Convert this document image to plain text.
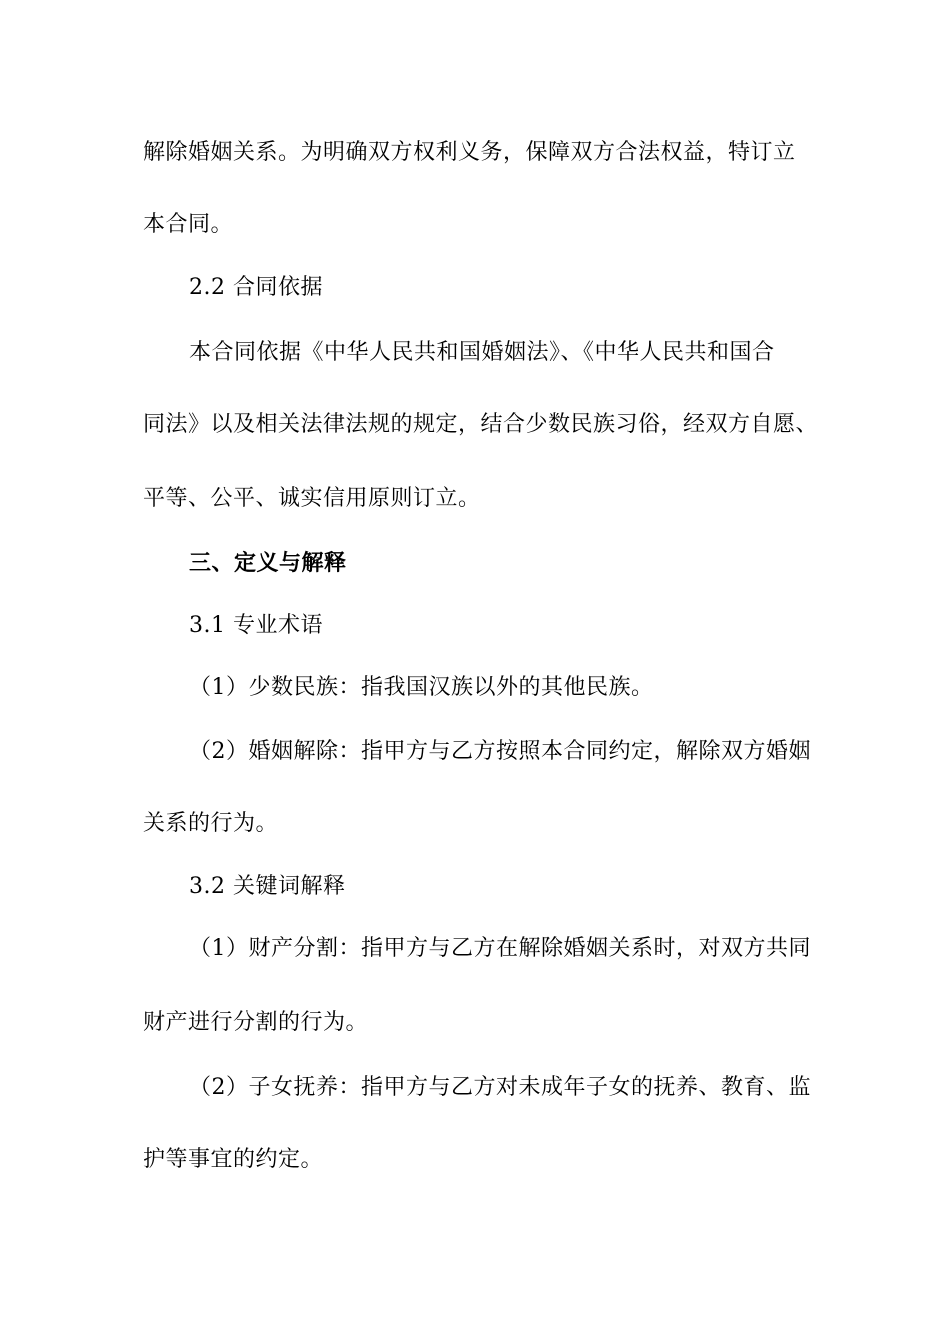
解除婚姻关系。为明确双方权利义务，保障双方合法权益，特订立
本合同。
2.2 合同依据
本合同依据《中华人民共和国婚姻法》、《中华人民共和国合
同法》以及相关法律法规的规定，结合少数民族习俗，经双方自愿、
平等、公平、诚实信用原则订立。
三、定义与解释
3.1 专业术语
（1）少数民族：指我国汉族以外的其他民族。
（2）婚姻解除：指甲方与乙方按照本合同约定，解除双方婚姻
关系的行为。
3.2 关键词解释
（1）财产分割：指甲方与乙方在解除婚姻关系时，对双方共同
财产进行分割的行为。
（2）子女抚养：指甲方与乙方对未成年子女的抚养、教育、监
护等事宜的约定。
